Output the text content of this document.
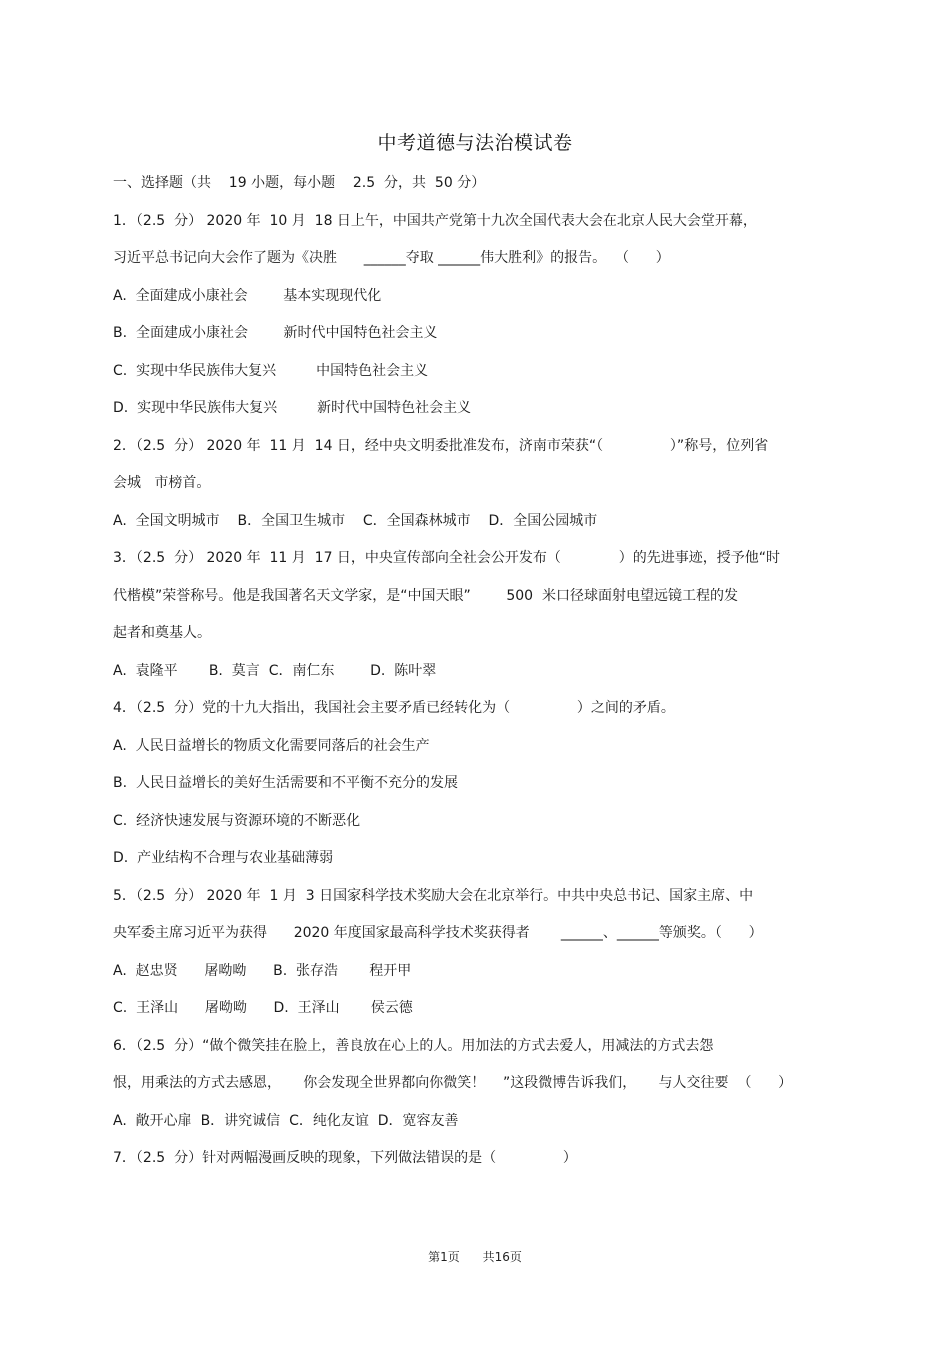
中考道德与法治模试卷
一、选择题（共    19 小题，每小题    2.5  分，共  50 分）
1．（2.5  分） 2020 年  10 月  18 日上午，中国共产党第十九次全国代表大会在北京人民大会堂开幕，
习近平总书记向大会作了题为《决胜      ______夺取 ______伟大胜利》的报告。  （      ）
A.  全面建成小康社会        基本实现现代化
B.  全面建成小康社会        新时代中国特色社会主义
C.  实现中华民族伟大复兴         中国特色社会主义
D.  实现中华民族伟大复兴         新时代中国特色社会主义
2．（2.5  分） 2020 年  11 月  14 日，经中央文明委批准发布，济南市荣获“（               ）”称号，位列省
会城   市榜首。
A.  全国文明城市    B．全国卫生城市    C．全国森林城市    D．全国公园城市
3．（2.5  分） 2020 年  11 月  17 日，中央宣传部向全社会公开发布（             ）的先进事迹，授予他“时
代楷模”荣誉称号。他是我国著名天文学家，是“中国天眼”        500  米口径球面射电望远镜工程的发
起者和奠基人。
A.  袁隆平       B.  莫言  C．南仁东        D.  陈叶翠
4．（2.5  分）党的十九大指出，我国社会主要矛盾已经转化为（               ）之间的矛盾。
A.  人民日益增长的物质文化需要同落后的社会生产
B.  人民日益增长的美好生活需要和不平衡不充分的发展
C.  经济快速发展与资源环境的不断恶化
D.  产业结构不合理与农业基础薄弱
5．（2.5  分） 2020 年  1 月  3 日国家科学技术奖励大会在北京举行。中共中央总书记、国家主席、中
央军委主席习近平为获得      2020 年度国家最高科学技术奖获得者       ______、______等颁奖。（      ）
A.  赵忠贤      屠呦呦      B.  张存浩       程开甲
C.  王泽山      屠呦呦      D.  王泽山       侯云德
6．（2.5  分）“做个微笑挂在脸上，善良放在心上的人。用加法的方式去爱人，用减法的方式去怨
恨，用乘法的方式去感恩，     你会发现全世界都向你微笑！    ”这段微博告诉我们，     与人交往要  （      ）
A.  敞开心扉  B．讲究诚信  C．纯化友谊  D．宽容友善
7．（2.5  分）针对两幅漫画反映的现象，下列做法错误的是（               ）
第1页      共16页
